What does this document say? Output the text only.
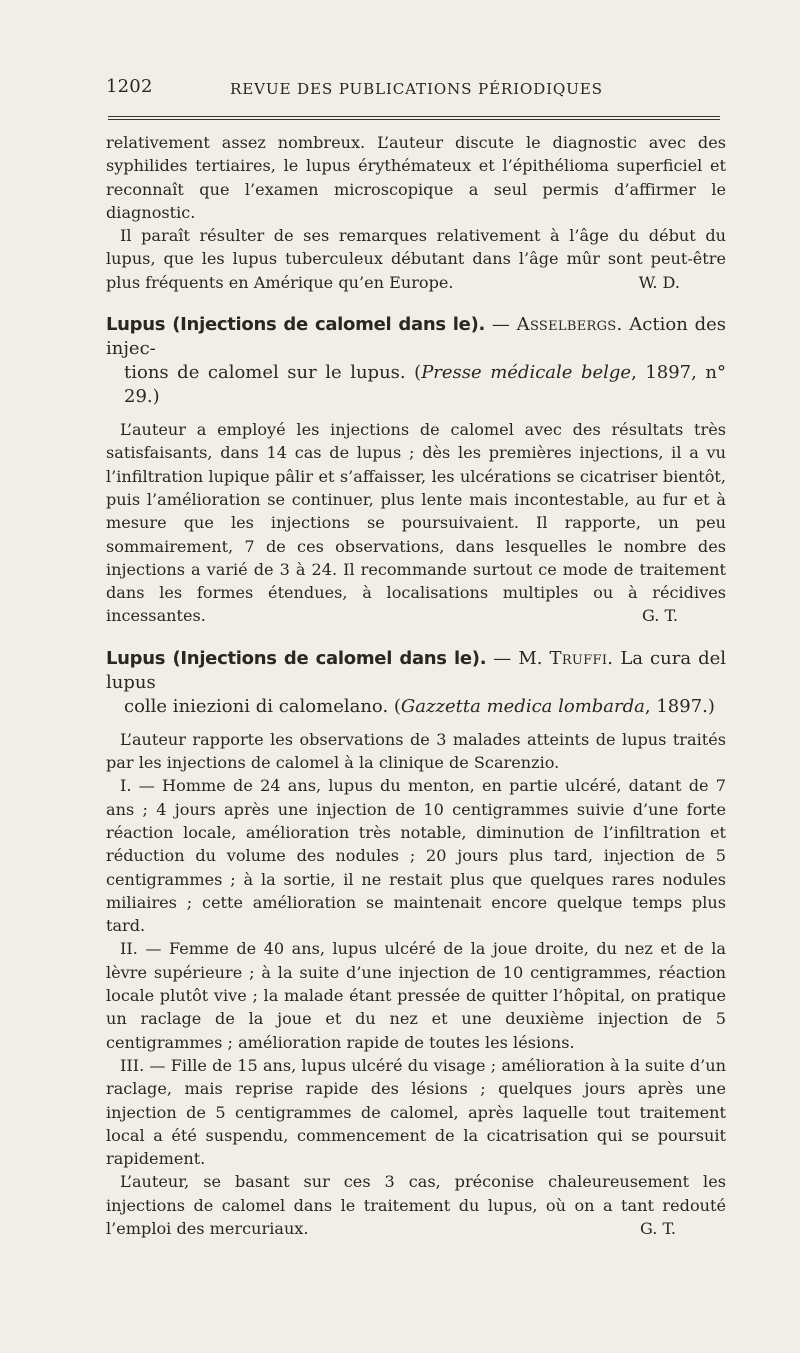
1202	REVUE DES PUBLICATIONS PÉRIODIQUES

relativement assez nombreux. L’auteur discute le diagnostic avec des syphilides tertiaires, le lupus érythémateux et l’épithélioma superficiel et reconnaît que l’examen microscopique a seul permis d’affirmer le diagnostic.

Il paraît résulter de ses remarques relativement à l’âge du début du lupus, que les lupus tuberculeux débutant dans l’âge mûr sont peut-être plus fréquents en Amérique qu’en Europe.	W. D.

Lupus (Injections de calomel dans le). — Asselbergs. Action des injec-
tions de calomel sur le lupus. (Presse médicale belge, 1897, n° 29.)

L’auteur a employé les injections de calomel avec des résultats très satisfaisants, dans 14 cas de lupus ; dès les premières injections, il a vu l’infiltration lupique pâlir et s’affaisser, les ulcérations se cicatriser bientôt, puis l’amélioration se continuer, plus lente mais incontestable, au fur et à mesure que les injections se poursuivaient. Il rapporte, un peu sommairement, 7 de ces observations, dans lesquelles le nombre des injections a varié de 3 à 24. Il recommande surtout ce mode de traitement dans les formes étendues, à localisations multiples ou à récidives incessantes.	G. T.

Lupus (Injections de calomel dans le). — M. Truffi. La cura del lupus
colle iniezioni di calomelano. (Gazzetta medica lombarda, 1897.)

L’auteur rapporte les observations de 3 malades atteints de lupus traités par les injections de calomel à la clinique de Scarenzio.

I. — Homme de 24 ans, lupus du menton, en partie ulcéré, datant de 7 ans ; 4 jours après une injection de 10 centigrammes suivie d’une forte réaction locale, amélioration très notable, diminution de l’infiltration et réduction du volume des nodules ; 20 jours plus tard, injection de 5 centigrammes ; à la sortie, il ne restait plus que quelques rares nodules miliaires ; cette amélioration se maintenait encore quelque temps plus tard.

II. — Femme de 40 ans, lupus ulcéré de la joue droite, du nez et de la lèvre supérieure ; à la suite d’une injection de 10 centigrammes, réaction locale plutôt vive ; la malade étant pressée de quitter l’hôpital, on pratique un raclage de la joue et du nez et une deuxième injection de 5 centigrammes ; amélioration rapide de toutes les lésions.

III. — Fille de 15 ans, lupus ulcéré du visage ; amélioration à la suite d’un raclage, mais reprise rapide des lésions ; quelques jours après une injection de 5 centigrammes de calomel, après laquelle tout traitement local a été suspendu, commencement de la cicatrisation qui se poursuit rapidement.

L’auteur, se basant sur ces 3 cas, préconise chaleureusement les injections de calomel dans le traitement du lupus, où on a tant redouté l’emploi des mercuriaux.	G. T.
